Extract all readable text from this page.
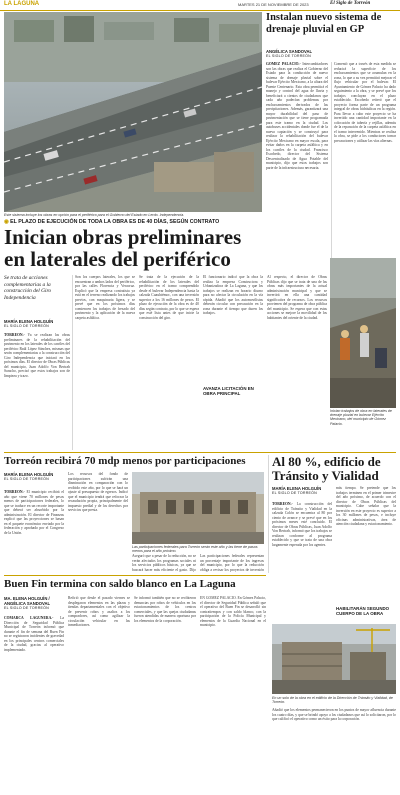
LA LAGUNA	MARTES 21 DE NOVIEMBRE DE 2023	El Siglo de Torreón
Este sistema incluye los obras en opción para el periférico para el Gobierno del Estado en Lerdo. Independencia.
Instalan nuevo sistema de drenaje pluvial en GP
ANGÉLICA SANDOVAL
EL SIGLO DE TORREÓN

GÓMEZ PALACIO.- Intercambiadores son las obras que realiza el Gobierno del Estado para la conducción de nuevo sistema de drenaje pluvial sobre el bulevar Ejército Mexicano, a la altura del Puente Centenario. Esta obra permitirá el manejo y control del agua de lluvia y beneficiará a cientos de ciudadanos que cada año padecían problemas por encharcamientos derivados de las precipitaciones. Además, garantizará una mayor durabilidad del paso de pavimentación que se tiene programada para este tramo en la ciudad. Los autobuses accidentales donde fue el de la nueva captación y se construyó para realizar la rehabilitación del bulevar Ejército Mexicano en mayor escala, para evitar daños en la carpeta asfáltica y en los carriles de la ciudad. Francisco Escobedo, director del Sistema Descentralizado de Agua Potable del municipio, dijo que estos trabajos son parte de la infraestructura necesaria.

Comentó que a través de esta medida se reducirá la superficie de los encharcamientos que se acumulan en la zona, lo que a su vez permitirá mejorar el flujo vehicular por el bulevar. El Ayuntamiento de Gómez Palacio ha dado seguimiento a la obra, y se prevé que los trabajos concluyan en el plazo establecido. Escobedo reiteró que el proyecto forma parte de un programa integral de obras hidráulicas en la región. Para llevar a cabo este proyecto se ha invertido una cantidad importante en la colocación de tubería y rejillas, además de la reparación de la carpeta asfáltica en el tramo intervenido. Mientras se realiza la obra, se pide a los conductores tomar precauciones y utilizar las vías alternas.

◉ EL PLAZO DE EJECUCIÓN DE TODA LA OBRA ES DE 40 DÍAS, SEGÚN CONTRATO
Inician obras preliminares en laterales del periférico
Se trata de acciones complementarias a la construcción del Giro Independencia
MARÍA ELENA HOLGUÍN
EL SIGLO DE TORREÓN

TORREÓN.- Ya se realizan las obras preliminares de la rehabilitación del pavimento en los laterales de los carriles del periférico Raúl López Sánchez, mismas que serán complementarias a la construcción del Giro Independencia que iniciará en los próximos días. El director de Obras Públicas del municipio, Juan Adolfo Von Bertrab Saracho, precisó que estos trabajos son de limpieza y trazo.

Son los cuerpos laterales, los que se encuentran a ambos lados del periférico, por las calles Florencia y Veracruz. Explicó que la empresa contratista ya está en el terreno realizando los trabajos previos, con maquinaria ligera, y se prevé que en los próximos días comiencen los trabajos de fresado del pavimento y la aplicación de la nueva carpeta asfáltica.

Se trata de la ejecución de la rehabilitación de los laterales del periférico en el tramo comprendido desde el bulevar Independencia hasta la calzada Cuauhtémoc, con una inversión superior a los 16 millones de pesos. El plazo de ejecución de la obra es de 40 días según contrato, por lo que se espera que esté lista antes de que inicie la construcción del giro.

El funcionario indicó que la obra la realiza la empresa Constructora y Urbanizadora de La Laguna, y que los trabajos se realizan en horario diurno para no afectar la circulación en la vía rápida. Añadió que los automovilistas deberán circular con precaución en la zona durante el tiempo que duren los trabajos.

AVANZA LICITACIÓN EN OBRA PRINCIPAL

Al respecto, el director de Obras Públicas dijo que se trata de una de las obras más importantes de la actual administración municipal y que se invertirá en ella una cantidad significativa de recursos. Los recursos provienen del programa de obra pública del municipio. Se espera que con estas acciones se mejore la movilidad de los habitantes del oriente de la ciudad.

Inician trabajos de obra en laterales de drenaje pluvial en bulevar Ejército Mexicano, del municipio de Gómez Palacio.
Torreón recibirá 70 mdp menos por participaciones
MARÍA ELENA HOLGUÍN
EL SIGLO DE TORREÓN

TORREÓN.- El municipio recibirá el año que viene 70 millones de pesos menos de participaciones federales, lo que se traduce en un recorte importante que deberá ser absorbido por la administración. El director de Finanzas explicó que las proyecciones se basan en el paquete económico enviado por la federación y aprobado por el Congreso de la Unión.

Los recursos del fondo de participaciones sufrirán una disminución en comparación con lo recibido este año, por lo que se hará un ajuste al presupuesto de egresos. Indicó que el municipio tendrá que reforzar la recaudación propia, principalmente del impuesto predial y de los derechos por servicios que presta.

Las participaciones federales para Torreón serán este año y las tiene de pasos menos para el año próximo.

Aseguró que a pesar de la reducción, no se verán afectados los programas sociales ni los servicios públicos básicos, ya que se buscará hacer más eficiente el gasto. Dijo

Las participaciones federales representan un porcentaje importante de los ingresos del municipio, por lo que la reducción obliga a revisar los proyectos de inversión

Al 80 %, edificio de Tránsito y Vialidad
MARÍA ELENA HOLGUÍN
EL SIGLO DE TORREÓN

TORREÓN.- La construcción del edificio de Tránsito y Vialidad en la calzada Colón se encuentra al 80 por ciento de avance y se prevé que en los próximos meses esté concluido. El director de Obras Públicas, Juan Adolfo Von Bertrab, informó que los trabajos se realizan conforme al programa establecido y que se trata de una obra largamente esperada por los agentes.

más tiempo. Se pretende que los trabajos terminen en el primer trimestre del año próximo, de acuerdo con el director de Obras Públicas del municipio. Cabe señalar que la inversión en este proyecto es superior a los 30 millones de pesos, e incluye oficinas administrativas, área de atención ciudadana y estacionamiento.

HABILITARÁN SEGUNDO CUERPO DE LA OBRA
En un solo de la obra en el edificio de la Dirección de Tránsito y Vialidad, de Torreón.
Buen Fin termina con saldo blanco en La Laguna
MA. ELENA HOLGUÍN / ANGÉLICA SANDOVAL
EL SIGLO DE TORREÓN

COMARCA LAGUNERA.- La Dirección de Seguridad Pública Municipal de Torreón informó que durante el fin de semana del Buen Fin no se registraron incidentes de gravedad en los principales centros comerciales de la ciudad, gracias al operativo implementado.

Refirió que desde el pasado viernes se desplegaron elementos en las plazas y tiendas departamentales con el objetivo de prevenir robos y asaltos a los compradores, así como agilizar la circulación vehicular en las inmediaciones.

Se informó también que no se recibieron denuncias por robos de vehículos en los estacionamientos de los centros comerciales, y que las quejas ciudadanas fueron atendidas de manera oportuna por los elementos de la corporación.

EN GÓMEZ PALACIO. En Gómez Palacio, el director de Seguridad Pública señaló que el operativo del Buen Fin se desarrolló sin contratiempos y con saldo blanco, con la participación de la Policía Municipal y elementos de la Guardia Nacional en el municipio.

Añadió que los elementos permanecieron en los puntos de mayor afluencia durante los cuatro días, y que se brindó apoyo a los ciudadanos que así lo solicitaron, por lo que calificó el operativo como un éxito para la corporación.
